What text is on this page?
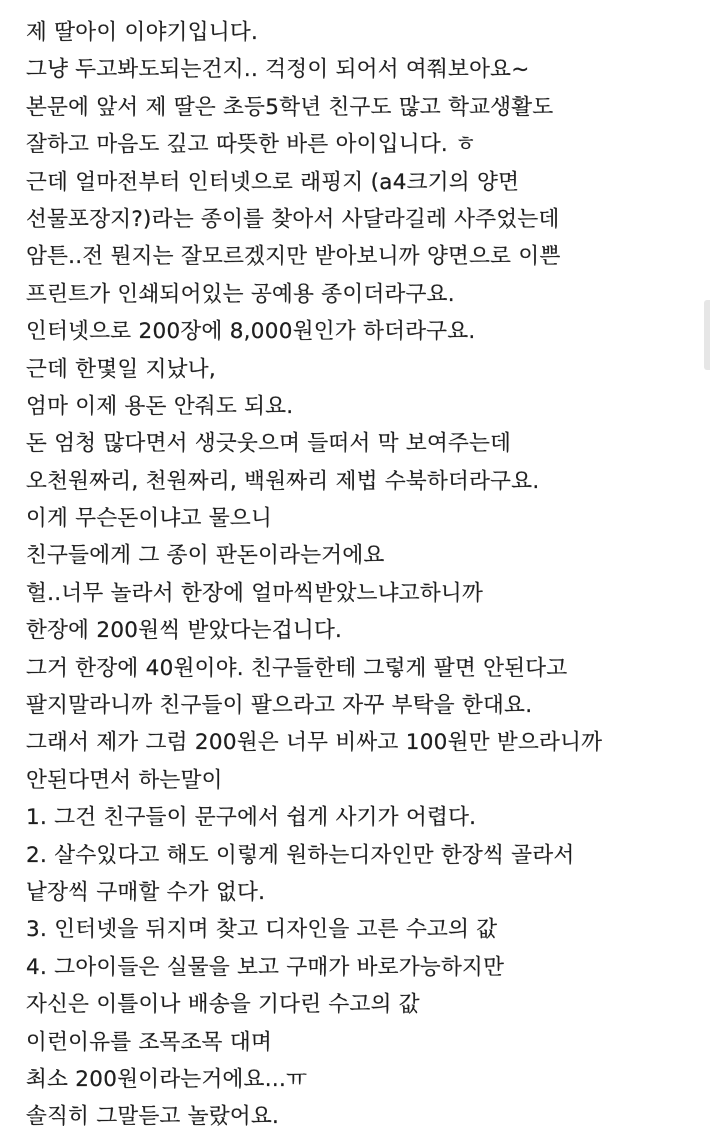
제 딸아이 이야기입니다.
그냥 두고봐도되는건지.. 걱정이 되어서 여쭤보아요~
본문에 앞서 제 딸은 초등5학년 친구도 많고 학교생활도
잘하고 마음도 깊고 따뜻한 바른 아이입니다. ㅎ
근데 얼마전부터 인터넷으로 래핑지 (a4크기의 양면
선물포장지?)라는 종이를 찾아서 사달라길레 사주었는데
암튼..전 뭔지는 잘모르겠지만 받아보니까 양면으로 이쁜
프린트가 인쇄되어있는 공예용 종이더라구요.
인터넷으로 200장에 8,000원인가 하더라구요.
근데 한몇일 지났나,
엄마 이제 용돈 안줘도 되요.
돈 엄청 많다면서 생긋웃으며 들떠서 막 보여주는데
오천원짜리, 천원짜리, 백원짜리 제법 수북하더라구요.
이게 무슨돈이냐고 물으니
친구들에게 그 종이 판돈이라는거에요
헐..너무 놀라서 한장에 얼마씩받았느냐고하니까
한장에 200원씩 받았다는겁니다.
그거 한장에 40원이야. 친구들한테 그렇게 팔면 안된다고
팔지말라니까 친구들이 팔으라고 자꾸 부탁을 한대요.
그래서 제가 그럼 200원은 너무 비싸고 100원만 받으라니까
안된다면서 하는말이
1. 그건 친구들이 문구에서 쉽게 사기가 어렵다.
2. 살수있다고 해도 이렇게 원하는디자인만 한장씩 골라서
낱장씩 구매할 수가 없다.
3. 인터넷을 뒤지며 찾고 디자인을 고른 수고의 값
4. 그아이들은 실물을 보고 구매가 바로가능하지만
자신은 이틀이나 배송을 기다린 수고의 값
이런이유를 조목조목 대며
최소 200원이라는거에요...ㅠ
솔직히 그말듣고 놀랐어요.
